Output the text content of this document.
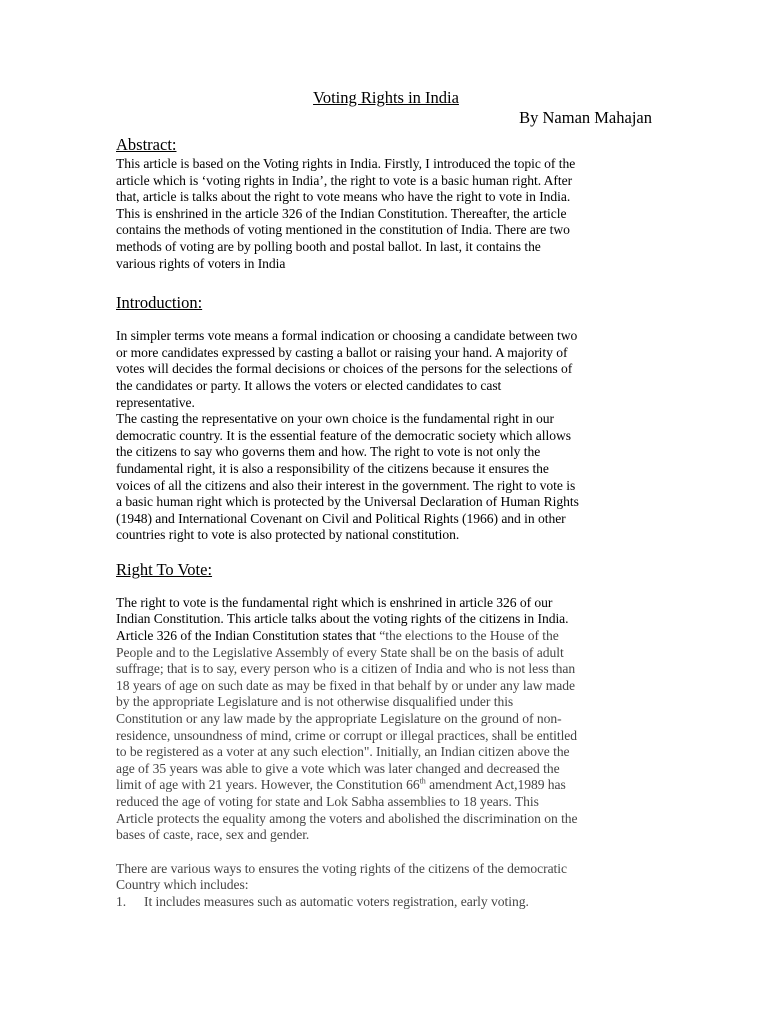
Voting Rights in India

By Naman Mahajan

Abstract:

This article is based on the Voting rights in India. Firstly, I introduced the topic of the

article which is ‘voting rights in India’, the right to vote is a basic human right. After

that, article is talks about the right to vote means who have the right to vote in India.

This is enshrined in the article 326 of the Indian Constitution. Thereafter, the article

contains the methods of voting mentioned in the constitution of India. There are two

methods of voting are by polling booth and postal ballot. In last, it contains the

various rights of voters in India

Introduction:

In simpler terms vote means a formal indication or choosing a candidate between two

or more candidates expressed by casting a ballot or raising your hand. A majority of

votes will decides the formal decisions or choices of the persons for the selections of

the candidates or party. It allows the voters or elected candidates to cast

representative.

The casting the representative on your own choice is the fundamental right in our

democratic country. It is the essential feature of the democratic society which allows

the citizens to say who governs them and how. The right to vote is not only the

fundamental right, it is also a responsibility of the citizens because it ensures the

voices of all the citizens and also their interest in the government. The right to vote is

a basic human right which is protected by the Universal Declaration of Human Rights

(1948) and International Covenant on Civil and Political Rights (1966) and in other

countries right to vote is also protected by national constitution.

Right To Vote:

The right to vote is the fundamental right which is enshrined in article 326 of our

Indian Constitution. This article talks about the voting rights of the citizens in India.

Article 326 of the Indian Constitution states that “the elections to the House of the

People and to the Legislative Assembly of every State shall be on the basis of adult

suffrage; that is to say, every person who is a citizen of India and who is not less than

18 years of age on such date as may be fixed in that behalf by or under any law made

by the appropriate Legislature and is not otherwise disqualified under this

Constitution or any law made by the appropriate Legislature on the ground of non-

residence, unsoundness of mind, crime or corrupt or illegal practices, shall be entitled

to be registered as a voter at any such election". Initially, an Indian citizen above the

age of 35 years was able to give a vote which was later changed and decreased the

limit of age with 21 years. However, the Constitution 66th amendment Act,1989 has

reduced the age of voting for state and Lok Sabha assemblies to 18 years. This

Article protects the equality among the voters and abolished the discrimination on the

bases of caste, race, sex and gender.

There are various ways to ensures the voting rights of the citizens of the democratic

Country which includes:

1. It includes measures such as automatic voters registration, early voting.
